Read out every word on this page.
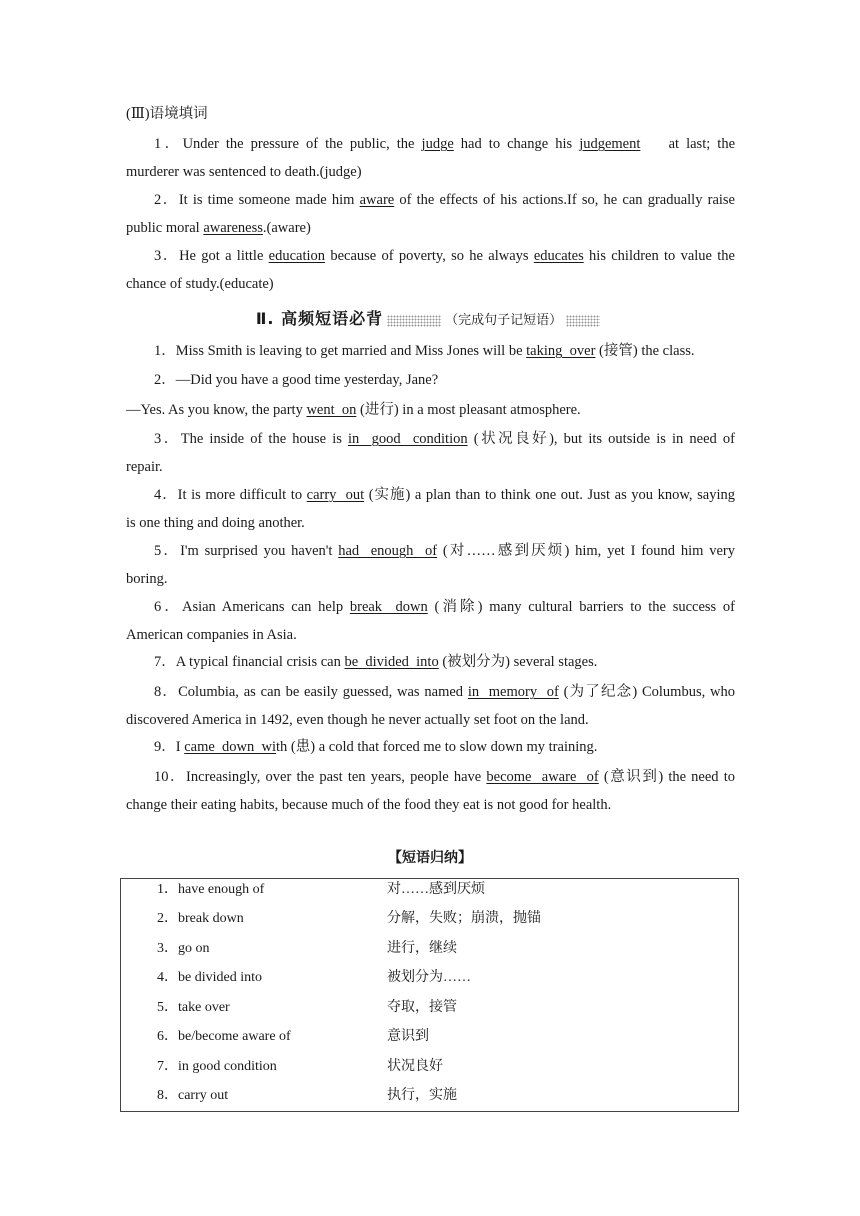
(Ⅲ)语境填词
1．Under the pressure of the public, the judge had to change his judgement    at last; the
murderer was sentenced to death.(judge)
2．It is time someone made him aware of the effects of his actions.If so, he can gradually raise
public moral awareness.(aware)
3．He got a little education because of poverty, so he always educates his children to value the
chance of study.(educate)
Ⅱ. 高频短语必背	（完成句子记短语）
1．Miss Smith is leaving to get married and Miss Jones will be taking  over (接管) the class.
2．—Did you have a good time yesterday, Jane?
—Yes. As you know, the party went  on (进行) in a most pleasant atmosphere.
3．The inside of the house is in  good  condition (状况良好), but its outside is in need of
repair.
4．It is more difficult to carry  out (实施) a plan than to think one out. Just as you know, saying
is one thing and doing another.
5．I'm surprised you haven't had  enough  of (对……感到厌烦) him, yet I found him very
boring.
6．Asian Americans can help break  down (消除) many cultural barriers to the success of
American companies in Asia.
7．A typical financial crisis can be  divided  into (被划分为) several stages.
8．Columbia, as can be easily guessed, was named in  memory  of (为了纪念) Columbus, who
discovered America in 1492, even though he never actually set foot on the land.
9．I came  down  with (患) a cold that forced me to slow down my training.
10．Increasingly, over the past ten years, people have become  aware  of (意识到) the need to
change their eating habits, because much of the food they eat is not good for health.
【短语归纳】
1．have enough of	对……感到厌烦
2．break down	分解，失败；崩溃，抛锚
3．go on	进行，继续
4．be divided into	被划分为……
5．take over	夺取，接管
6．be/become aware of	意识到
7．in good condition	状况良好
8．carry out	执行，实施
